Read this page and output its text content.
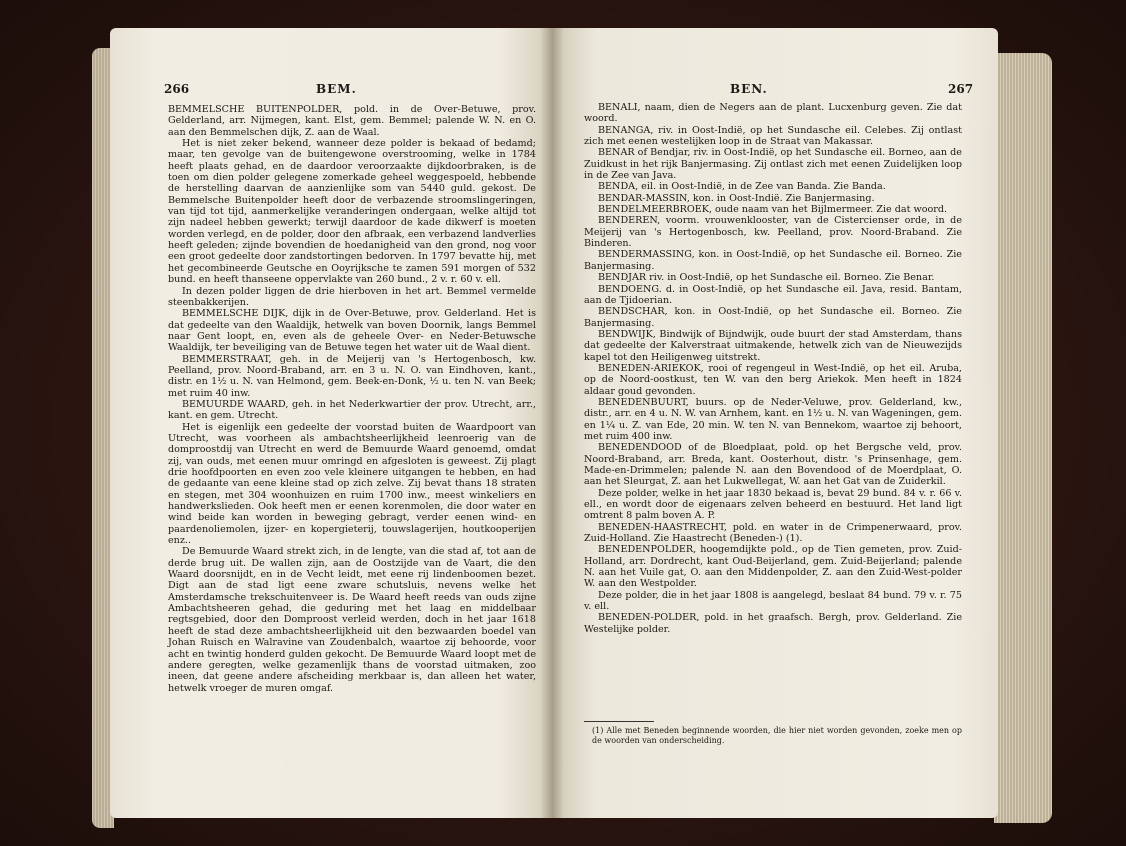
266	BEM.

BEMMELSCHE BUITENPOLDER, pold. in de Over-Betuwe, prov. Gelderland, arr. Nijmegen, kant. Elst, gem. Bemmel; palende W. N. en O. aan den Bemmelschen dijk, Z. aan de Waal.

Het is niet zeker bekend, wanneer deze polder is bekaad of bedamd; maar, ten gevolge van de buitengewone overstrooming, welke in 1784 heeft plaats gehad, en de daardoor veroorzaakte dijkdoorbraken, is de toen om dien polder gelegene zomerkade geheel weggespoeld, hebbende de herstelling daarvan de aanzienlijke som van 5440 guld. gekost. De Bemmelsche Buitenpolder heeft door de verbazende stroomslingeringen, van tijd tot tijd, aanmerkelijke veranderingen ondergaan, welke altijd tot zijn nadeel hebben gewerkt; terwijl daardoor de kade dikwerf is moeten worden verlegd, en de polder, door den afbraak, een verbazend landverlies heeft geleden; zijnde bovendien de hoedanigheid van den grond, nog voor een groot gedeelte door zandstortingen bedorven. In 1797 bevatte hij, met het gecombineerde Geutsche en Ooyrijksche te zamen 591 morgen of 532 bund. en heeft thanseene oppervlakte van 260 bund., 2 v. r. 60 v. ell.

In dezen polder liggen de drie hierboven in het art. Bemmel vermelde steenbakkerijen.

BEMMELSCHE DIJK, dijk in de Over-Betuwe, prov. Gelderland. Het is dat gedeelte van den Waaldijk, hetwelk van boven Doornik, langs Bemmel naar Gent loopt, en, even als de geheele Over- en Neder-Betuwsche Waaldijk, ter beveiliging van de Betuwe tegen het water uit de Waal dient.

BEMMERSTRAAT, geh. in de Meijerij van 's Hertogenbosch, kw. Peelland, prov. Noord-Braband, arr. en 3 u. N. O. van Eindhoven, kant., distr. en 1½ u. N. van Helmond, gem. Beek-en-Donk, ½ u. ten N. van Beek; met ruim 40 inw.

BEMUURDE WAARD, geh. in het Nederkwartier der prov. Utrecht, arr., kant. en gem. Utrecht.

Het is eigenlijk een gedeelte der voorstad buiten de Waardpoort van Utrecht, was voorheen als ambachtsheerlijkheid leenroerig van de domproostdij van Utrecht en werd de Bemuurde Waard genoemd, omdat zij, van ouds, met eenen muur omringd en afgesloten is geweest. Zij plagt drie hoofdpoorten en even zoo vele kleinere uitgangen te hebben, en had de gedaante van eene kleine stad op zich zelve. Zij bevat thans 18 straten en stegen, met 304 woonhuizen en ruim 1700 inw., meest winkeliers en handwerkslieden. Ook heeft men er eenen korenmolen, die door water en wind beide kan worden in beweging gebragt, verder eenen wind- en paardenoliemolen, ijzer- en kopergieterij, touwslagerijen, houtkooperijen enz..

De Bemuurde Waard strekt zich, in de lengte, van die stad af, tot aan de derde brug uit. De wallen zijn, aan de Oostzijde van de Vaart, die den Waard doorsnijdt, en in de Vecht leidt, met eene rij lindenboomen bezet. Digt aan de stad ligt eene zware schutsluis, nevens welke het Amsterdamsche trekschuitenveer is. De Waard heeft reeds van ouds zijne Ambachtsheeren gehad, die geduring met het laag en middelbaar regtsgebied, door den Domproost verleid werden, doch in het jaar 1618 heeft de stad deze ambachtsheerlijkheid uit den bezwaarden boedel van Johan Ruisch en Walravine van Zoudenbalch, waartoe zij behoorde, voor acht en twintig honderd gulden gekocht. De Bemuurde Waard loopt met de andere geregten, welke gezamenlijk thans de voorstad uitmaken, zoo ineen, dat geene andere afscheiding merkbaar is, dan alleen het water, hetwelk vroeger de muren omgaf.

BEN.	267

BENALI, naam, dien de Negers aan de plant. Lucxenburg geven. Zie dat woord.

BENANGA, riv. in Oost-Indië, op het Sundasche eil. Celebes. Zij ontlast zich met eenen westelijken loop in de Straat van Makassar.

BENAR of Bendjar, riv. in Oost-Indië, op het Sundasche eil. Borneo, aan de Zuidkust in het rijk Banjermasing. Zij ontlast zich met eenen Zuidelijken loop in de Zee van Java.

BENDA, eil. in Oost-Indië, in de Zee van Banda. Zie Banda.

BENDAR-MASSIN, kon. in Oost-Indië. Zie Banjermasing.

BENDELMEERBROEK, oude naam van het Bijlmermeer. Zie dat woord.

BENDEREN, voorm. vrouwenklooster, van de Cistercienser orde, in de Meijerij van 's Hertogenbosch, kw. Peelland, prov. Noord-Braband. Zie Binderen.

BENDERMASSING, kon. in Oost-Indië, op het Sundasche eil. Borneo. Zie Banjermasing.

BENDJAR riv. in Oost-Indië, op het Sundasche eil. Borneo. Zie Benar.

BENDOENG. d. in Oost-Indië, op het Sundasche eil. Java, resid. Bantam, aan de Tjidoerian.

BENDSCHAR, kon. in Oost-Indië, op het Sundasche eil. Borneo. Zie Banjermasing.

BENDWIJK, Bindwijk of Bijndwijk, oude buurt der stad Amsterdam, thans dat gedeelte der Kalverstraat uitmakende, hetwelk zich van de Nieuwezijds kapel tot den Heiligenweg uitstrekt.

BENEDEN-ARIEKOK, rooi of regengeul in West-Indië, op het eil. Aruba, op de Noord-oostkust, ten W. van den berg Ariekok. Men heeft in 1824 aldaar goud gevonden.

BENEDENBUURT, buurs. op de Neder-Veluwe, prov. Gelderland, kw., distr., arr. en 4 u. N. W. van Arnhem, kant. en 1½ u. N. van Wageningen, gem. en 1¼ u. Z. van Ede, 20 min. W. ten N. van Bennekom, waartoe zij behoort, met ruim 400 inw.

BENEDENDOOD of de Bloedplaat, pold. op het Bergsche veld, prov. Noord-Braband, arr. Breda, kant. Oosterhout, distr. 's Prinsenhage, gem. Made-en-Drimmelen; palende N. aan den Bovendood of de Moerdplaat, O. aan het Sleurgat, Z. aan het Lukwellegat, W. aan het Gat van de Zuiderkil.

Deze polder, welke in het jaar 1830 bekaad is, bevat 29 bund. 84 v. r. 66 v. ell., en wordt door de eigenaars zelven beheerd en bestuurd. Het land ligt omtrent 8 palm boven A. P.

BENEDEN-HAASTRECHT, pold. en water in de Crimpenerwaard, prov. Zuid-Holland. Zie Haastrecht (Beneden-) (1).

BENEDENPOLDER, hoogemdijkte pold., op de Tien gemeten, prov. Zuid-Holland, arr. Dordrecht, kant Oud-Beijerland, gem. Zuid-Beijerland; palende N. aan het Vuile gat, O. aan den Middenpolder, Z. aan den Zuid-West-polder W. aan den Westpolder.

Deze polder, die in het jaar 1808 is aangelegd, beslaat 84 bund. 79 v. r. 75 v. ell.

BENEDEN-POLDER, pold. in het graafsch. Bergh, prov. Gelderland. Zie Westelijke polder.

(1) Alle met Beneden beginnende woorden, die hier niet worden gevonden, zoeke men op de woorden van onderscheiding.
